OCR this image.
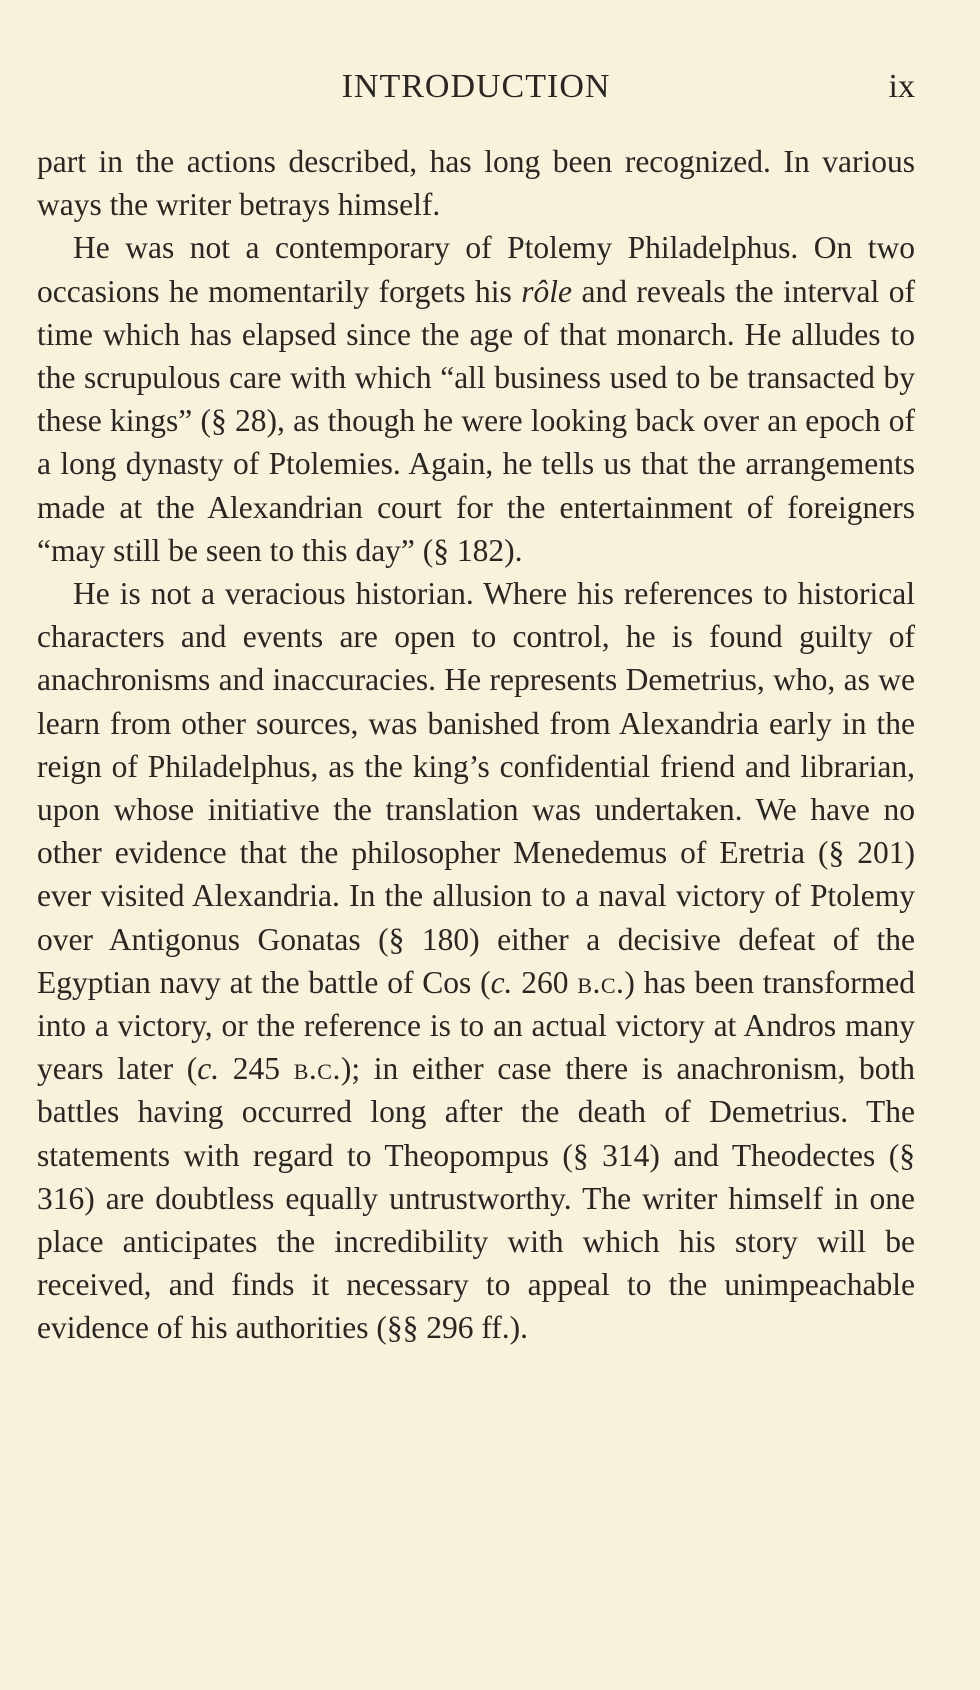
INTRODUCTION	ix

part in the actions described, has long been recognized. In various ways the writer betrays himself.

He was not a contemporary of Ptolemy Philadelphus. On two occasions he momentarily forgets his rôle and reveals the interval of time which has elapsed since the age of that monarch. He alludes to the scrupulous care with which “all business used to be transacted by these kings” (§ 28), as though he were looking back over an epoch of a long dynasty of Ptolemies. Again, he tells us that the arrangements made at the Alexandrian court for the entertainment of foreigners “may still be seen to this day” (§ 182).

He is not a veracious historian. Where his references to historical characters and events are open to control, he is found guilty of anachronisms and inaccuracies. He represents Demetrius, who, as we learn from other sources, was banished from Alexandria early in the reign of Philadelphus, as the king’s confidential friend and librarian, upon whose initiative the translation was undertaken. We have no other evidence that the philosopher Menedemus of Eretria (§ 201) ever visited Alexandria. In the allusion to a naval victory of Ptolemy over Antigonus Gonatas (§ 180) either a decisive defeat of the Egyptian navy at the battle of Cos (c. 260 b.c.) has been transformed into a victory, or the reference is to an actual victory at Andros many years later (c. 245 b.c.); in either case there is anachronism, both battles having occurred long after the death of Demetrius. The statements with regard to Theopompus (§ 314) and Theodectes (§ 316) are doubtless equally untrustworthy. The writer himself in one place anticipates the incredibility with which his story will be received, and finds it necessary to appeal to the unimpeachable evidence of his authorities (§§ 296 ff.).
